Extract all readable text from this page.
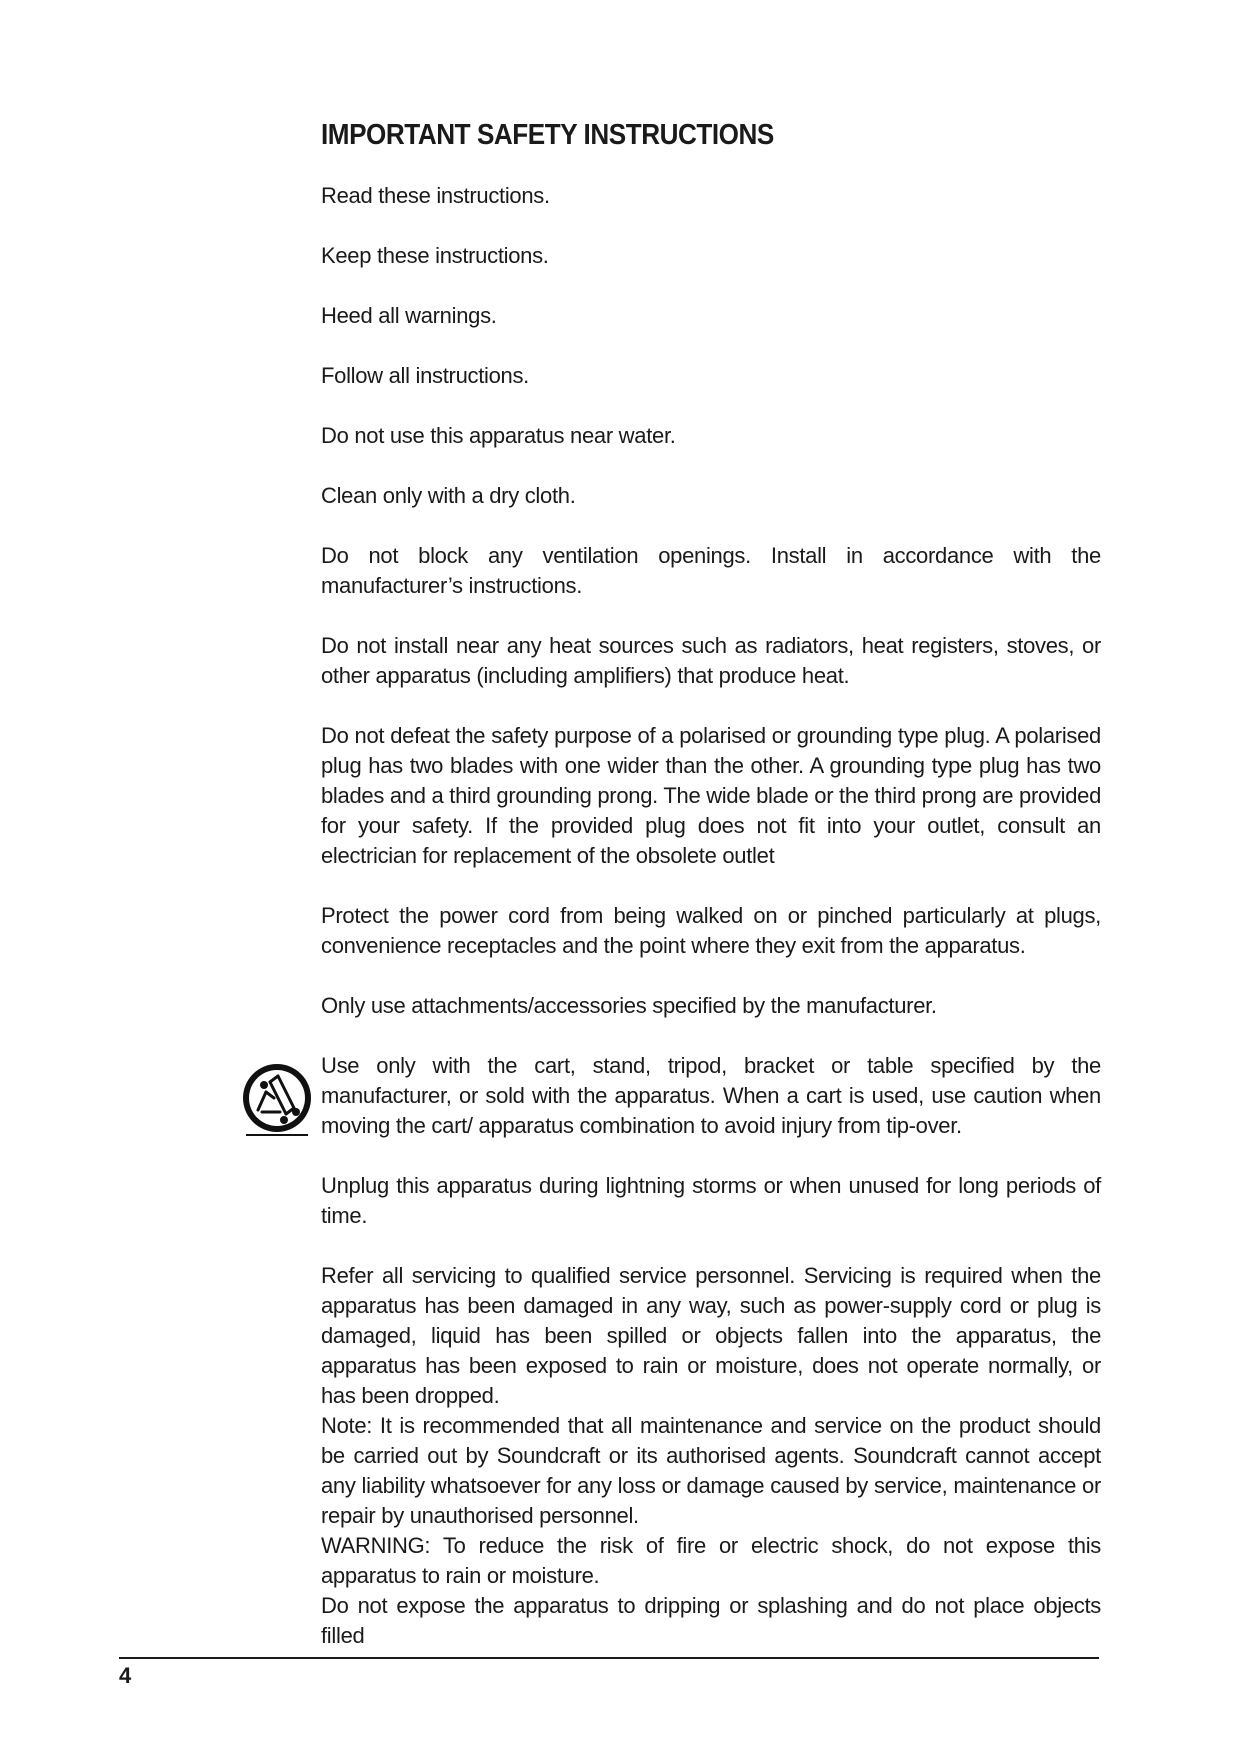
IMPORTANT SAFETY INSTRUCTIONS

Read these instructions.

Keep these instructions.

Heed all warnings.

Follow all instructions.

Do not use this apparatus near water.

Clean only with a dry cloth.

Do not block any ventilation openings. Install in accordance with the manufacturer’s instructions.

Do not install near any heat sources such as radiators, heat registers, stoves, or other apparatus (including amplifiers) that produce heat.

Do not defeat the safety purpose of a polarised or grounding type plug. A polarised plug has two blades with one wider than the other. A grounding type plug has two blades and a third grounding prong. The wide blade or the third prong are provided for your safety. If the provided plug does not fit into your outlet, consult an electrician for replacement of the obsolete outlet

Protect the power cord from being walked on or pinched particularly at plugs, convenience receptacles and the point where they exit from the apparatus.

Only use attachments/accessories specified by the manufacturer.

Use only with the cart, stand, tripod, bracket or table specified by the manufacturer, or sold with the apparatus. When a cart is used, use caution when moving the cart/ apparatus combination to avoid injury from tip-over.

Unplug this apparatus during lightning storms or when unused for long periods of time.

Refer all servicing to qualified service personnel. Servicing is required when the apparatus has been damaged in any way, such as power-supply cord or plug is damaged, liquid has been spilled or objects fallen into the apparatus, the apparatus has been exposed to rain or moisture, does not operate normally, or has been dropped.

Note: It is recommended that all maintenance and service on the product should be carried out by Soundcraft or its authorised agents. Soundcraft cannot accept any liability whatsoever for any loss or damage caused by service, maintenance or repair by unauthorised personnel.

WARNING: To reduce the risk of fire or electric shock, do not expose this apparatus to rain or moisture.

Do not expose the apparatus to dripping or splashing and do not place objects filled

4
